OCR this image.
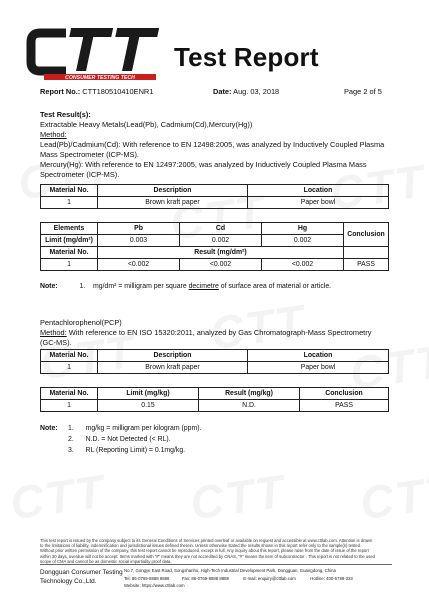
CONSUMER TESTING TECH
CTT
Test Report
Report No.: CTT180510410ENR1	Date: Aug. 03, 2018	Page 2 of 5
Test Result(s):
Extractable Heavy Metals(Lead(Pb), Cadmium(Cd),Mercury(Hg))
Method:
Lead(Pb)/Cadmium(Cd): With reference to EN 12498:2005, was analyzed by Inductively Coupled Plasma
Mass Spectrometer (ICP-MS).
Mercury(Hg): With reference to EN 12497:2005, was analyzed by Inductively Coupled Plasma Mass
Spectrometer (ICP-MS).
Material No.	Description	Location
1	Brown kraft paper	Paper bowl
Elements	Pb	Cd	Hg	Conclusion
Limit (mg/dm²)	0.003	0.002	0.002	
Material No.	Result (mg/dm²)			
1	<0.002	<0.002	<0.002	PASS
Note:	1. mg/dm² = milligram per square decimetre of surface area of material or article.
Pentachlorophenol(PCP)
Method: With reference to EN ISO 15320:2011, analyzed by Gas Chromatograph-Mass Spectrometry
(GC-MS).
Material No.	Description	Location
1	Brown kraft paper	Paper bowl
Material No.	Limit (mg/kg)	Result (mg/kg)	Conclusion
1	0.15	N.D.	PASS
Note: 1. mg/kg = milligram per kilogram (ppm).
2. N.D. = Not Detected (< RL).
3. RL (Reporting Limit) = 0.1mg/kg.
This test report is issued by the company subject to its General Conditions of Services printed overleaf or available on request and accessible at www.cttlab.com. Attention is drawn
to the limitations of liability, indemnification and jurisdictional issues defined therein. Unless otherwise stated the results shown in this report refer only to the sample(s) tested.
Without prior written permission of the company, this test report cannot be reproduced, except in full. Any inquiry about this report, please raise from the date of issue of the report
within 30 days, overdue will not be accept. Items marked with "#" means they are not accredited by CNAS, "#" means the item of subcontractor . This report is not related to the used
scope of CMA and cannot be as domestic social impartiality proof data.
Dongguan Consumer Testing
Technology Co.,Ltd.
No.7, Gongye East Road, Songshanhu, High-Tech Industrial Development Park, Dongguan, Guangdong, China
Tel: 86-0769-8888 8888	Fax: 86-0769-8888 8888	E-mail: enquiry@cttlab.com	Hotline: 400-6788-333
Website: https://www.cttlab.com
